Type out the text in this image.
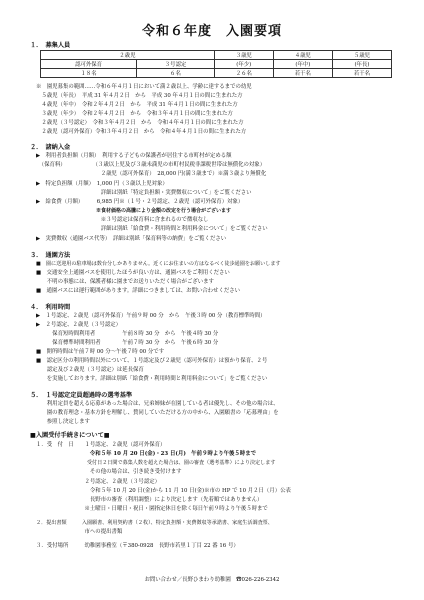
令和６年度　入園要項
１．　募集人員
２歳児		３歳児	４歳児	５歳児
認可外保育	３号認定	(年少)	(年中)	(年長)
１８名	６名	２６名	若干名	若干名
※　園児募集の範囲……令和６年４月１日において満２歳以上、学齢に達するまでの幼児
　５歳児（年長）　平成 31 年４月２日　から　平成 30 年４月１日の間に生まれた方
　４歳児（年中）　令和２年４月２日　から　平成 31 年４月１日の間に生まれた方
　３歳児（年少）　令和２年４月２日　から　令和３年４月１日の間に生まれた方
　２歳児（３号認定）　令和３年４月２日　から　令和４年４月１日の間に生まれた方
　２歳児（認可外保育）令和３年４月２日　から　令和４年４月１日の間に生まれた方
２．　諸納入金
▶　利用者負担額（月額）　利用する子どもの保護者が居住する市町村が定める額
　（保育料）　　　　　　（３歳以上児及び３歳未満児の市町村民税非課税世帯は無償化の対象）
　　　　　　　　　　　　２歳児（認可外保育）　28,000 円(満３歳まで）※満３歳より無償化
▶　特定負担額（月額）　1,000 円（３歳以上児対象）
　　　　　　　　　　　　詳細は別紙「特定負担額・実費徴収について」をご覧ください
▶　給食費（月額）　　　6,985 円※（１号・２号認定、２歳児（認可外保育）対象）
　　　　　　　　　　　　※食材価格の高騰により金額の改定を行う場合がございます
　　　　　　　　　　　　※３号認定は保育料に含まれるので徴収なし
　　　　　　　　　　　　詳細は別紙「給食費・利用時間と利用料金について」をご覧ください
▶　実費徴収（通園バス代等）　詳細は別紙「保育料等の納費」をご覧ください
３．　通園方法
■　園に送迎用の駐車場は数台分しかありません。近くにお住まいの方はなるべく徒歩通園をお願いします
■　交通安全上通園バスを使用したほうが良い方は、通園バスをご利用ください
　　不明の事態には、保護者様に園までお送りいただく場合がございます
■　通園バスには運行範囲があります。詳細につきましては、お問い合わせください
４．　利用時間
▶　１号認定、２歳児（認可外保育）午前９時 00 分　から　午後３時 00 分（教育標準時間）
▶　２号認定、２歳児（３号認定）
　　　保育短時間利用者　　　　　午前８時 30 分　から　午後４時 30 分
　　　保育標準時間利用者　　　　午前７時 30 分　から　午後６時 30 分
■　開所時間は午前７時 00 分～午後７時 00 分です
■　認定区分の利用時間以外について、１号認定及び２歳児（認可外保育）は預かり保育、２号
　　認定及び２歳児（３号認定）は延長保育
　　を実施しております。詳細は別紙「給食費・利用時間と利用料金について」をご覧ください
５．　１号認定定員超過時の選考基準
　　利用定員を超える応募があった場合は、兄弟姉妹が在園している者は優先し、その他の場合は、
　　園の教育理念・基本方針を理解し、賛同していただける方の中から、入園願書の「応募理由」を
　　参照し決定します
■入園受付手続きについて■
１．受　付　日　　１号認定、２歳児（認可外保育）
　　　　　　　　　　令和５年 10 月 20 日(金)・23 日(月)　午前９時より午後５時まで
　　　　　　　　　　受付日２日間で募集人数を超えた場合は、園の審査（選考基準）により決定します
　　　　　　　　　　その他の場合は、引き続き受付けます
　　　　　　　　　２号認定、２歳児（３号認定）
　　　　　　　　　　令和５年 10 月 20 日(金)から 11 月 10 日(金)※市の HP で 10 月２日（月）公表
　　　　　　　　　　長野市の審査（利用調整）により決定します（先着順ではありません）
　　　　　　　　　※土曜日・日曜日・祝日・園指定休日を除く毎日午前９時より午後５時まで
２．提出書類　　　入園願書、利用契約書（２枚）、特定負担額・実費徴収等承諾書、家庭生活調査票、
　　　　　　　　　市への提出書類
３．受付場所　　　幼稚園事務室（〒380-0928　長野市若里１丁目 22 番 16 号）
お問い合わせ／長野ひまわり幼稚園　☎026-226-2342
